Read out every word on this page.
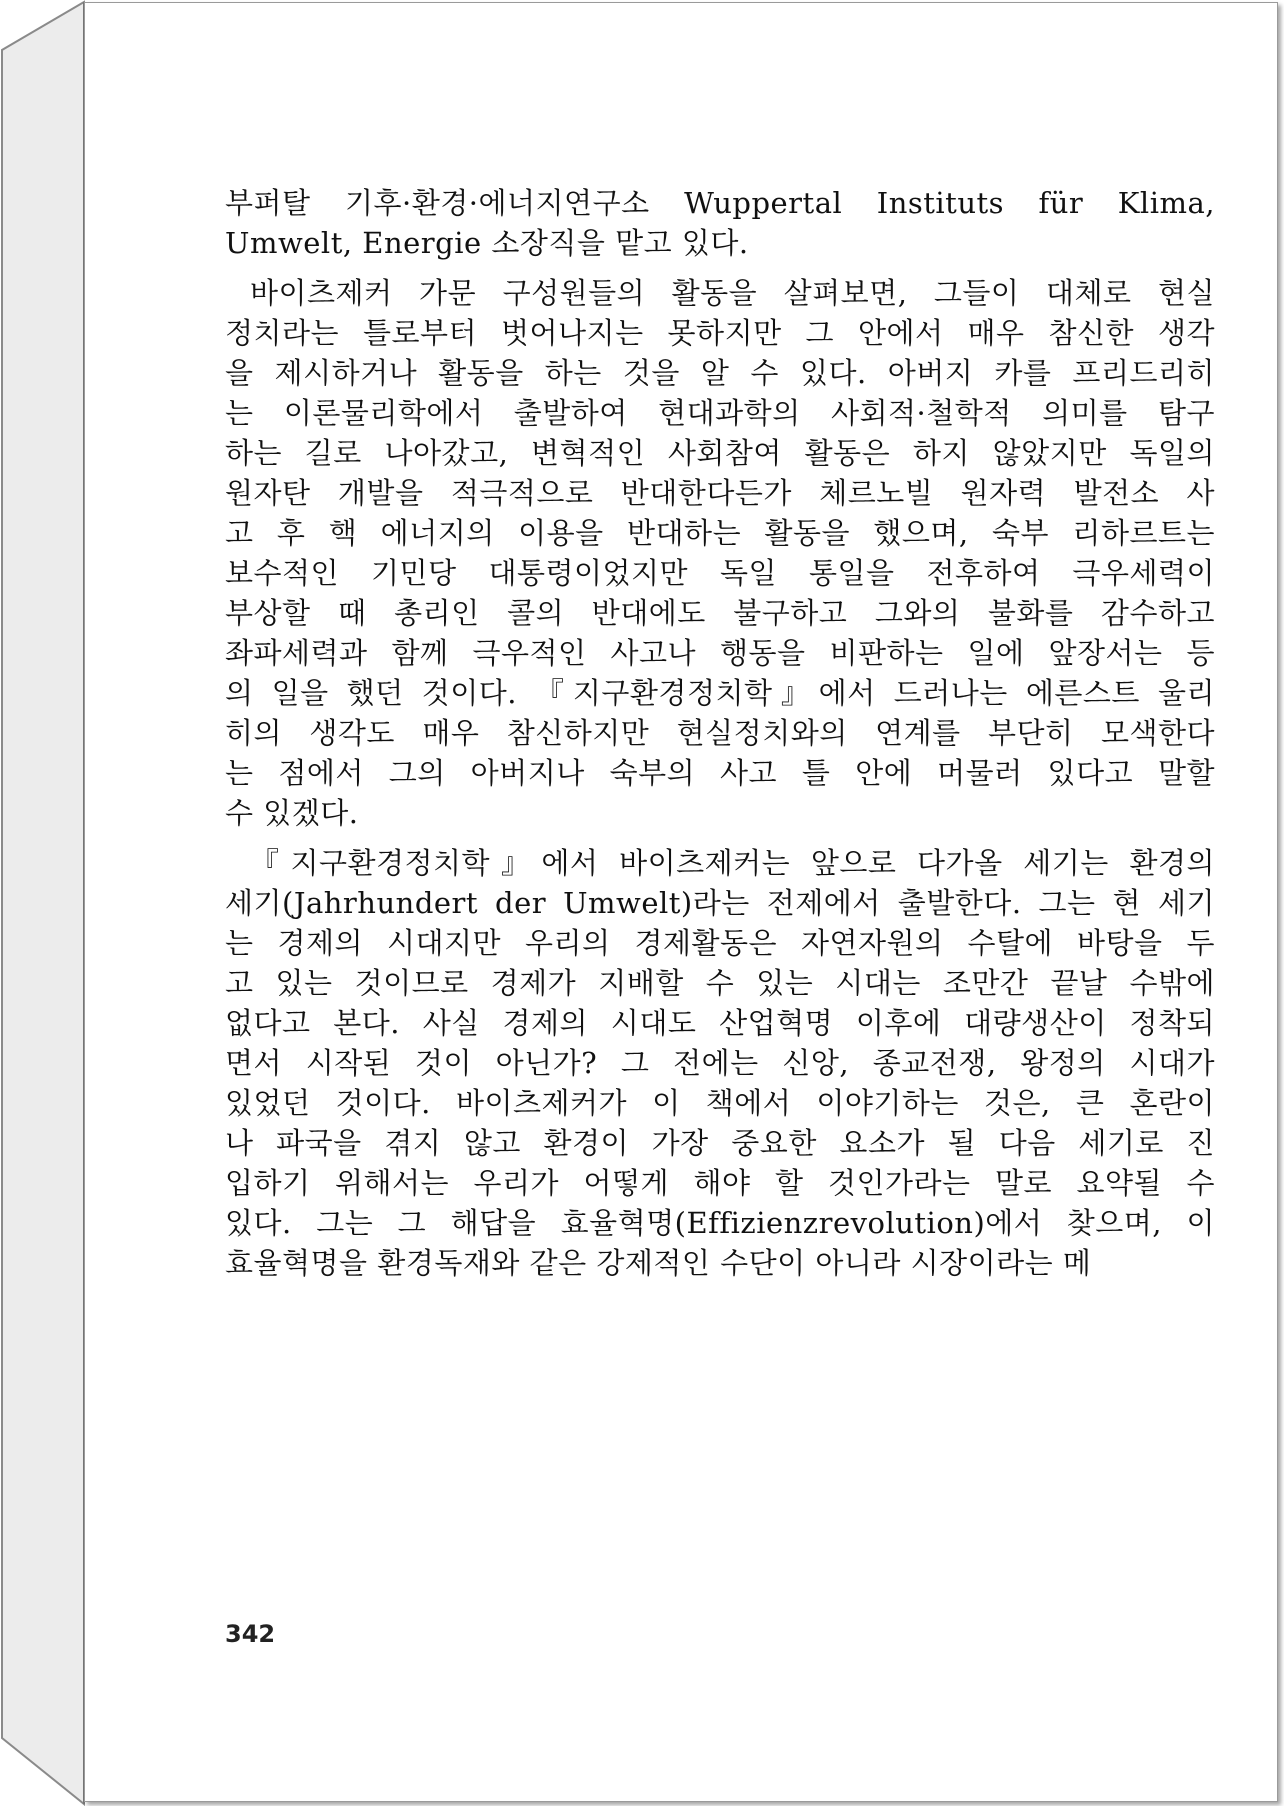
부퍼탈 기후·환경·에너지연구소 Wuppertal Instituts für Klima,

Umwelt, Energie 소장직을 맡고 있다.

바이츠제커 가문 구성원들의 활동을 살펴보면, 그들이 대체로 현실

정치라는 틀로부터 벗어나지는 못하지만 그 안에서 매우 참신한 생각

을 제시하거나 활동을 하는 것을 알 수 있다. 아버지 카를 프리드리히

는 이론물리학에서 출발하여 현대과학의 사회적·철학적 의미를 탐구

하는 길로 나아갔고, 변혁적인 사회참여 활동은 하지 않았지만 독일의

원자탄 개발을 적극적으로 반대한다든가 체르노빌 원자력 발전소 사

고 후 핵 에너지의 이용을 반대하는 활동을 했으며, 숙부 리하르트는

보수적인 기민당 대통령이었지만 독일 통일을 전후하여 극우세력이

부상할 때 총리인 콜의 반대에도 불구하고 그와의 불화를 감수하고

좌파세력과 함께 극우적인 사고나 행동을 비판하는 일에 앞장서는 등

의 일을 했던 것이다. 『지구환경정치학』에서 드러나는 에른스트 울리

히의 생각도 매우 참신하지만 현실정치와의 연계를 부단히 모색한다

는 점에서 그의 아버지나 숙부의 사고 틀 안에 머물러 있다고 말할

수 있겠다.

『지구환경정치학』에서 바이츠제커는 앞으로 다가올 세기는 환경의

세기(Jahrhundert der Umwelt)라는 전제에서 출발한다. 그는 현 세기

는 경제의 시대지만 우리의 경제활동은 자연자원의 수탈에 바탕을 두

고 있는 것이므로 경제가 지배할 수 있는 시대는 조만간 끝날 수밖에

없다고 본다. 사실 경제의 시대도 산업혁명 이후에 대량생산이 정착되

면서 시작된 것이 아닌가? 그 전에는 신앙, 종교전쟁, 왕정의 시대가

있었던 것이다. 바이츠제커가 이 책에서 이야기하는 것은, 큰 혼란이

나 파국을 겪지 않고 환경이 가장 중요한 요소가 될 다음 세기로 진

입하기 위해서는 우리가 어떻게 해야 할 것인가라는 말로 요약될 수

있다. 그는 그 해답을 효율혁명(Effizienzrevolution)에서 찾으며, 이

효율혁명을 환경독재와 같은 강제적인 수단이 아니라 시장이라는 메

342
